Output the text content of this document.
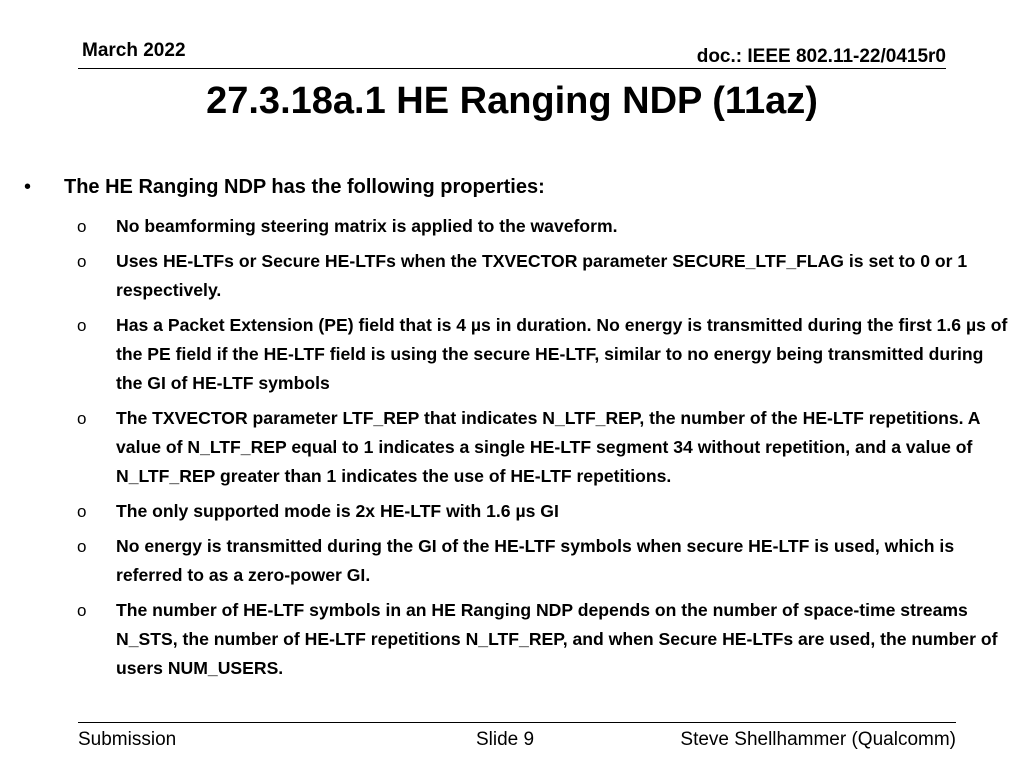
March 2022	doc.: IEEE 802.11-22/0415r0
27.3.18a.1 HE Ranging NDP (11az)
• The HE Ranging NDP has the following properties:
o No beamforming steering matrix is applied to the waveform.
o Uses HE-LTFs or Secure HE-LTFs when the TXVECTOR parameter SECURE_LTF_FLAG is set to 0 or 1 respectively.
o Has a Packet Extension (PE) field that is 4 µs in duration. No energy is transmitted during the first 1.6 µs of the PE field if the HE-LTF field is using the secure HE-LTF, similar to no energy being transmitted during the GI of HE-LTF symbols
o The TXVECTOR parameter LTF_REP that indicates N_LTF_REP, the number of the HE-LTF repetitions. A value of N_LTF_REP equal to 1 indicates a single HE-LTF segment 34 without repetition, and a value of N_LTF_REP greater than 1 indicates the use of HE-LTF repetitions.
o The only supported mode is 2x HE-LTF with 1.6 µs GI
o No energy is transmitted during the GI of the HE-LTF symbols when secure HE-LTF is used, which is referred to as a zero-power GI.
o The number of HE-LTF symbols in an HE Ranging NDP depends on the number of space-time streams N_STS, the number of HE-LTF repetitions N_LTF_REP, and when Secure HE-LTFs are used, the number of users NUM_USERS.
Submission	Slide 9	Steve Shellhammer (Qualcomm)
